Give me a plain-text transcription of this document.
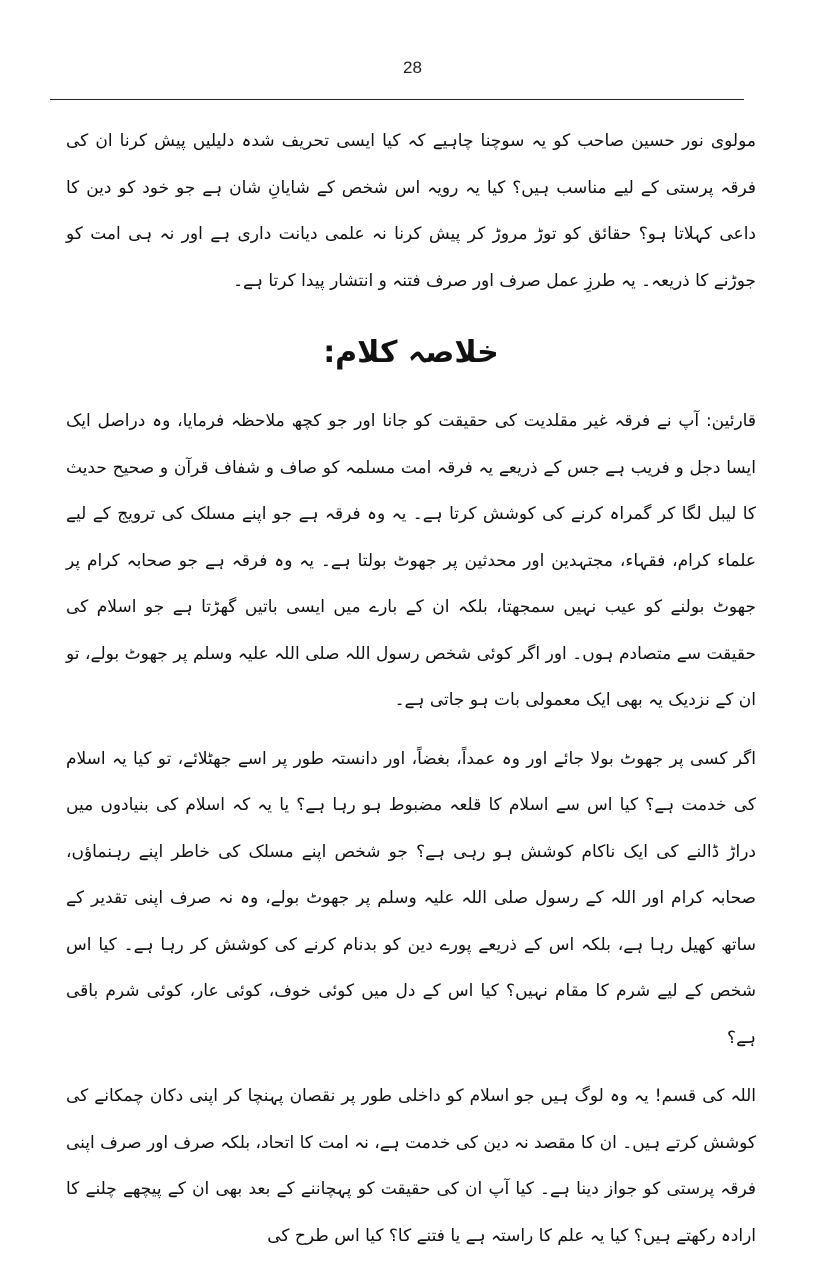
28

مولوی نور حسین صاحب کو یہ سوچنا چاہیے کہ کیا ایسی تحریف شدہ دلیلیں پیش کرنا ان کی فرقہ پرستی کے لیے مناسب ہیں؟ کیا یہ رویہ اس شخص کے شایانِ شان ہے جو خود کو دین کا داعی کہلاتا ہو؟ حقائق کو توڑ مروڑ کر پیش کرنا نہ علمی دیانت داری ہے اور نہ ہی امت کو جوڑنے کا ذریعہ۔ یہ طرزِ عمل صرف اور صرف فتنہ و انتشار پیدا کرتا ہے۔

خلاصہ کلام:

قارئین: آپ نے فرقہ غیر مقلدیت کی حقیقت کو جانا اور جو کچھ ملاحظہ فرمایا، وہ دراصل ایک ایسا دجل و فریب ہے جس کے ذریعے یہ فرقہ امت مسلمہ کو صاف و شفاف قرآن و صحیح حدیث کا لیبل لگا کر گمراہ کرنے کی کوشش کرتا ہے۔ یہ وہ فرقہ ہے جو اپنے مسلک کی ترویج کے لیے علماء کرام، فقہاء، مجتہدین اور محدثین پر جھوٹ بولتا ہے۔ یہ وہ فرقہ ہے جو صحابہ کرام پر جھوٹ بولنے کو عیب نہیں سمجھتا، بلکہ ان کے بارے میں ایسی باتیں گھڑتا ہے جو اسلام کی حقیقت سے متصادم ہوں۔ اور اگر کوئی شخص رسول اللہ صلی اللہ علیہ وسلم پر جھوٹ بولے، تو ان کے نزدیک یہ بھی ایک معمولی بات ہو جاتی ہے۔

اگر کسی پر جھوٹ بولا جائے اور وہ عمداً، بغضاً، اور دانستہ طور پر اسے جھٹلائے، تو کیا یہ اسلام کی خدمت ہے؟ کیا اس سے اسلام کا قلعہ مضبوط ہو رہا ہے؟ یا یہ کہ اسلام کی بنیادوں میں دراڑ ڈالنے کی ایک ناکام کوشش ہو رہی ہے؟ جو شخص اپنے مسلک کی خاطر اپنے رہنماؤں، صحابہ کرام اور اللہ کے رسول صلی اللہ علیہ وسلم پر جھوٹ بولے، وہ نہ صرف اپنی تقدیر کے ساتھ کھیل رہا ہے، بلکہ اس کے ذریعے پورے دین کو بدنام کرنے کی کوشش کر رہا ہے۔ کیا اس شخص کے لیے شرم کا مقام نہیں؟ کیا اس کے دل میں کوئی خوف، کوئی عار، کوئی شرم باقی ہے؟

اللہ کی قسم! یہ وہ لوگ ہیں جو اسلام کو داخلی طور پر نقصان پہنچا کر اپنی دکان چمکانے کی کوشش کرتے ہیں۔ ان کا مقصد نہ دین کی خدمت ہے، نہ امت کا اتحاد، بلکہ صرف اور صرف اپنی فرقہ پرستی کو جواز دینا ہے۔ کیا آپ ان کی حقیقت کو پہچاننے کے بعد بھی ان کے پیچھے چلنے کا ارادہ رکھتے ہیں؟ کیا یہ علم کا راستہ ہے یا فتنے کا؟ کیا اس طرح کی
